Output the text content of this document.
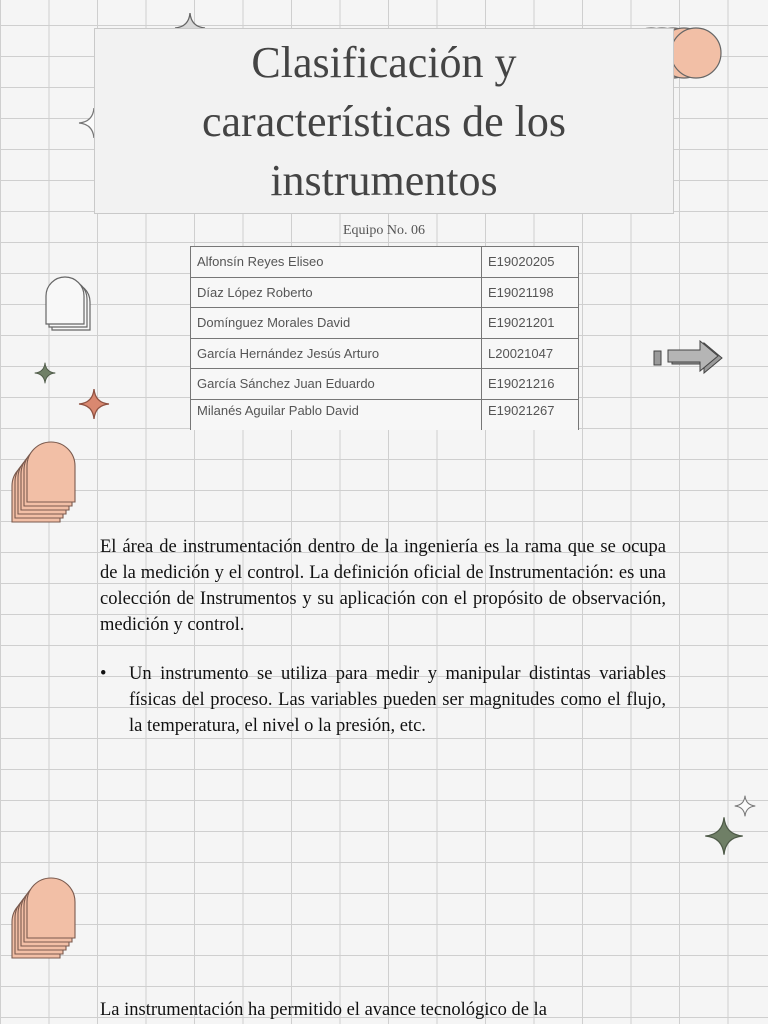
Clasificación y características de los instrumentos
Equipo No. 06
Alfonsín Reyes Eliseo	E19020205
Díaz López Roberto	E19021198
Domínguez Morales David	E19021201
García Hernández Jesús Arturo	L20021047
García Sánchez Juan Eduardo	E19021216
Milanés Aguilar Pablo David	E19021267

El área de instrumentación dentro de la ingeniería es la rama que se ocupa de la medición y el control. La definición oficial de Instrumentación: es una colección de Instrumentos y su aplicación con el propósito de observación, medición y control.

• Un instrumento se utiliza para medir y manipular distintas variables físicas del proceso. Las variables pueden ser magnitudes como el flujo, la temperatura, el nivel o la presión, etc.

La instrumentación ha permitido el avance tecnológico de la
